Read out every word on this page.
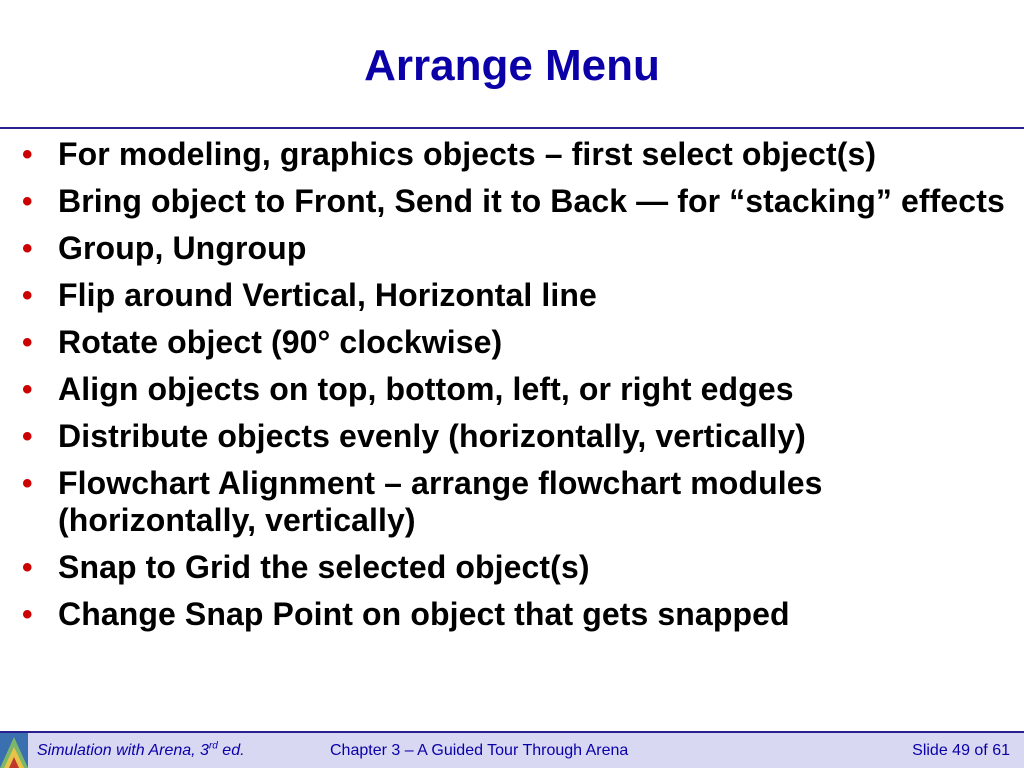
Arrange Menu
• For modeling, graphics objects – first select object(s)
• Bring object to Front, Send it to Back — for “stacking” effects
• Group, Ungroup
• Flip around Vertical, Horizontal line
• Rotate object (90° clockwise)
• Align objects on top, bottom, left, or right edges
• Distribute objects evenly (horizontally, vertically)
• Flowchart Alignment – arrange flowchart modules (horizontally, vertically)
• Snap to Grid the selected object(s)
• Change Snap Point on object that gets snapped
Simulation with Arena, 3rd ed.	Chapter 3 – A Guided Tour Through Arena	Slide 49 of 61
